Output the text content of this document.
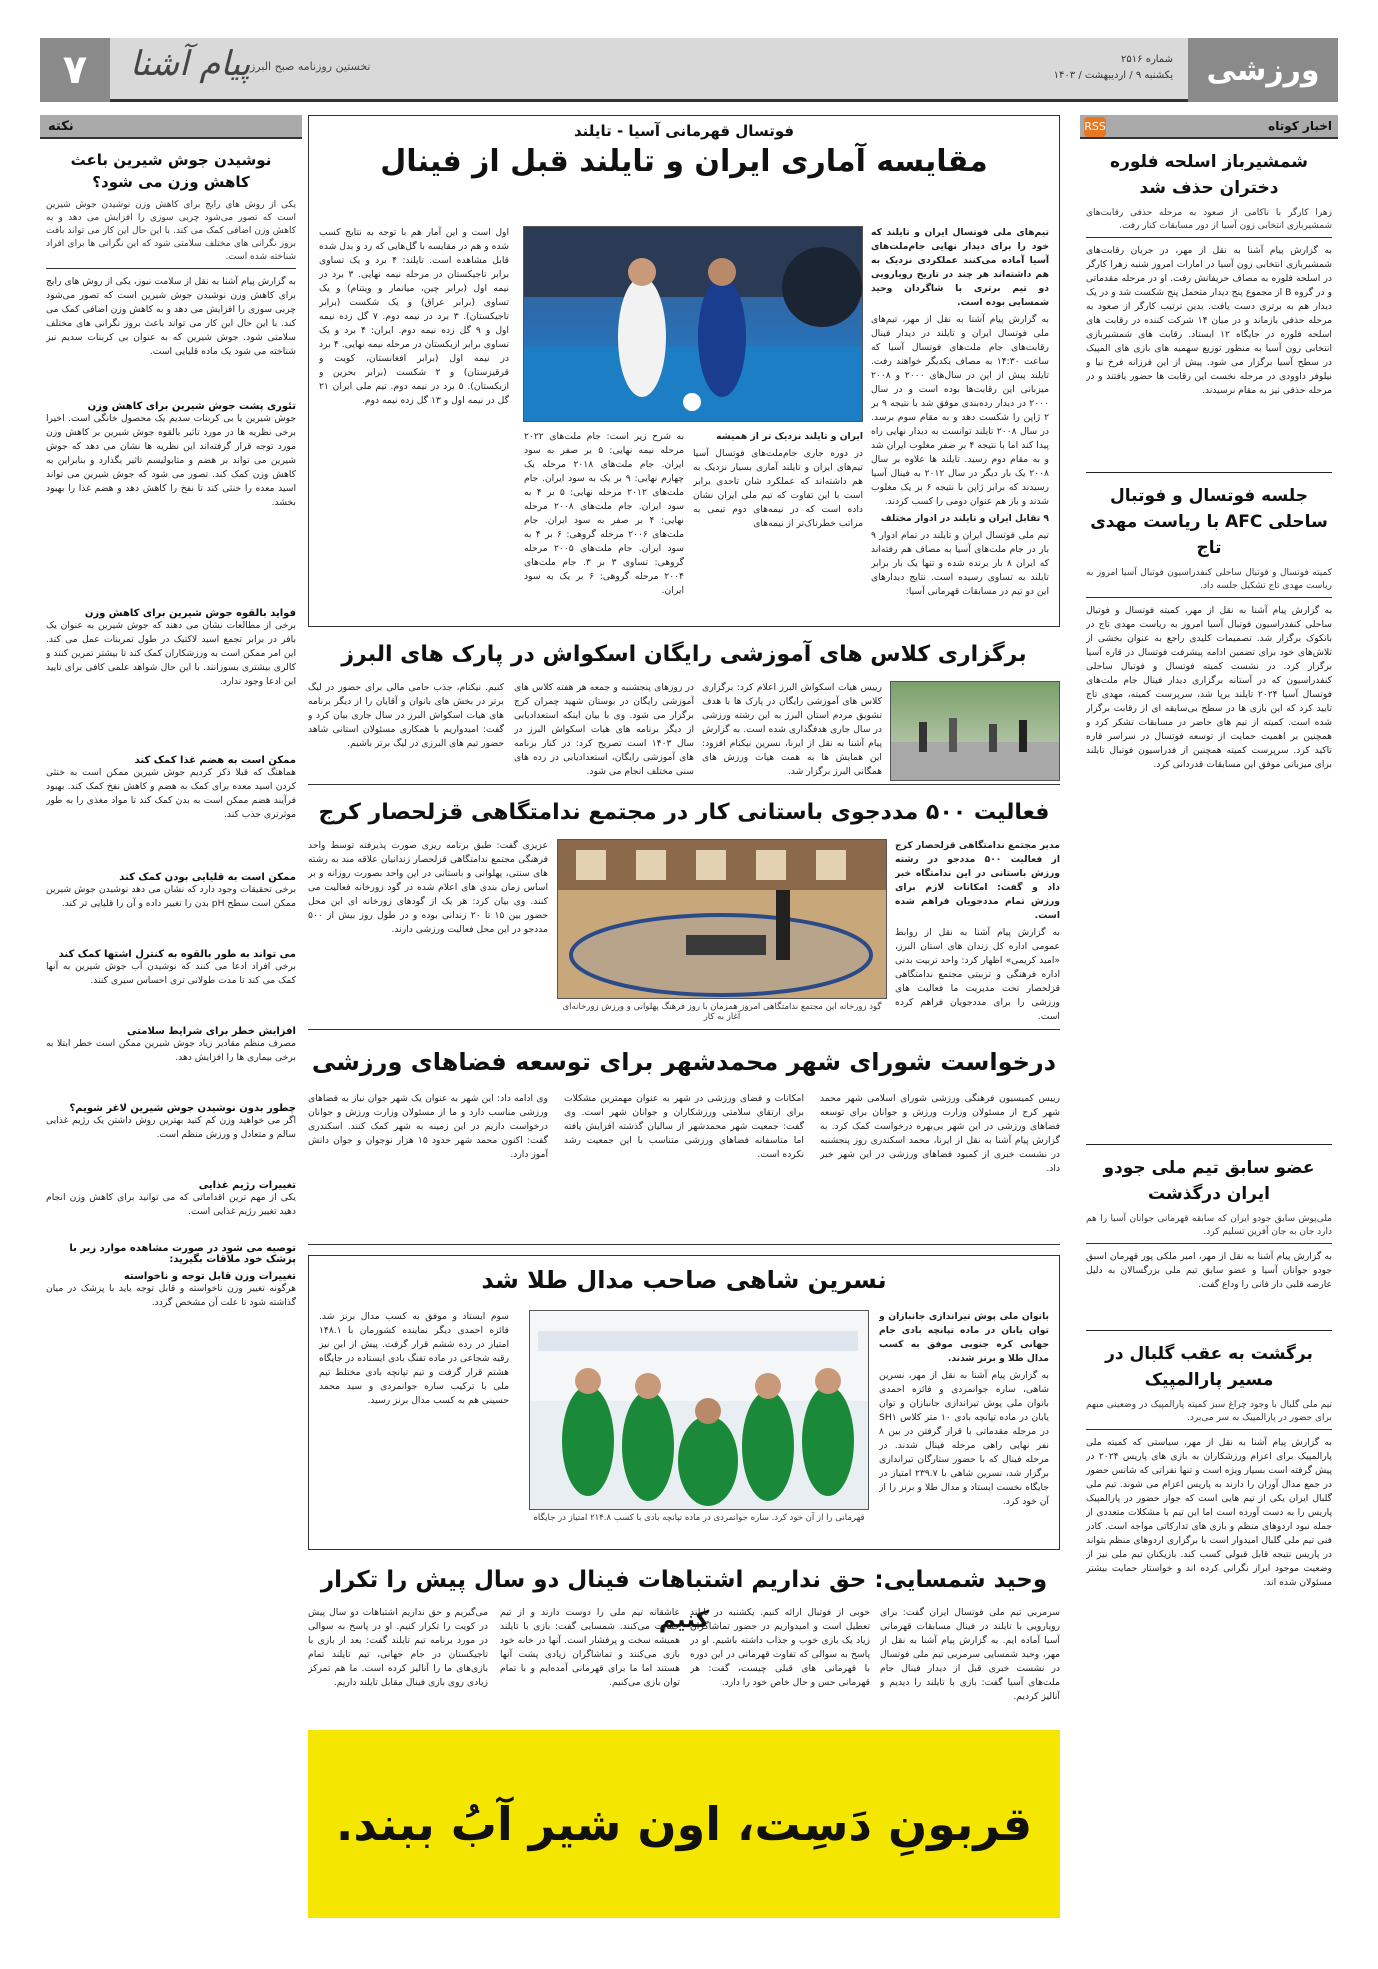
ورزشی
شماره ۲۵۱۶
یکشنبه ۹ / اردیبهشت / ۱۴۰۳
پیام آشنا نخستین روزنامه صبح البرز
۷
اخبار کوتاه
RSS
شمشیرباز اسلحه فلوره دختران حذف شد
زهرا کارگر با ناکامی از صعود به مرحله حذفی رقابت‌های شمشیربازی انتخابی زون آسیا از دور مسابقات کنار رفت.
به گزارش پیام آشنا به نقل از مهر، در جریان رقابت‌های شمشیربازی انتخابی زون آسیا در امارات امروز شنبه زهرا کارگر در اسلحه فلوره به مصاف حریفانش رفت. او در مرحله مقدماتی و در گروه B از مجموع پنج دیدار متحمل پنج شکست شد و در یک دیدار هم به برتری دست یافت. بدین ترتیب کارگر از صعود به مرحله حذفی بازماند و در میان ۱۴ شرکت کننده در رقابت های اسلحه فلوره در جایگاه ۱۲ ایستاد. رقابت های شمشیربازی انتخابی زون آسیا به منظور توزیع سهمیه های بازی های المپیک در سطح آسیا برگزار می شود. پیش از این فرزانه فرخ نیا و نیلوفر داوودی در مرحله نخست این رقابت ها حضور یافتند و در مرحله حذفی نیز به مقام نرسیدند.
جلسه فوتسال و فوتبال ساحلی AFC با ریاست مهدی تاج
کمیته فوتسال و فوتبال ساحلی کنفدراسیون فوتبال آسیا امروز به ریاست مهدی تاج تشکیل جلسه داد.
به گزارش پیام آشنا به نقل از مهر، کمیته فوتسال و فوتبال ساحلی کنفدراسیون فوتبال آسیا امروز به ریاست مهدی تاج در بانکوک برگزار شد. تصمیمات کلیدی راجع به عنوان بخشی از تلاش‌های خود برای تضمین ادامه پیشرفت فوتسال در قاره آسیا برگزار کرد. در نشست کمیته فوتسال و فوتبال ساحلی کنفدراسیون که در آستانه برگزاری دیدار فینال جام ملت‌های فوتسال آسیا ۲۰۲۴ تایلند برپا شد، سرپرست کمیته، مهدی تاج تایید کرد که این بازی ها در سطح بی‌سابقه ای از رقابت برگزار شده است. کمیته از تیم های حاضر در مسابقات تشکر کرد و همچنین بر اهمیت حمایت از توسعه فوتسال در سراسر قاره تاکید کرد. سرپرست کمیته همچنین از فدراسیون فوتبال تایلند برای میزبانی موفق این مسابقات قدردانی کرد.
عضو سابق تیم ملی جودو ایران درگذشت
ملی‌پوش سابق جودو ایران که سابقه قهرمانی جوانان آسیا را هم دارد جان به جان آفرین تسلیم کرد.
به گزارش پیام آشنا به نقل از مهر، امیر ملکی پور قهرمان اسبق جودو جوانان آسیا و عضو سابق تیم ملی بزرگسالان به دلیل عارضه قلبی دار فانی را وداع گفت.
برگشت به عقب گلبال در مسیر پارالمپیک
تیم ملی گلبال با وجود چراغ سبز کمیته پارالمپیک در وضعیتی مبهم برای حضور در پارالمپیک به سر می‌برد.
به گزارش پیام آشنا به نقل از مهر، سیاستی که کمیته ملی پارالمپیک برای اعزام ورزشکاران به بازی های پاریس ۲۰۲۴ در پیش گرفته است بسیار ویژه است و تنها نفراتی که شانس حضور در جمع مدال آوران را دارند به پاریس اعزام می شوند. تیم ملی گلبال ایران یکی از تیم هایی است که جواز حضور در پارالمپیک پاریس را به دست آورده است اما این تیم با مشکلات متعددی از جمله نبود اردوهای منظم و بازی های تدارکاتی مواجه است. کادر فنی تیم ملی گلبال امیدوار است با برگزاری اردوهای منظم بتواند در پاریس نتیجه قابل قبولی کسب کند. بازیکنان تیم ملی نیز از وضعیت موجود ابراز نگرانی کرده اند و خواستار حمایت بیشتر مسئولان شده اند.
نکته
نوشیدن جوش شیرین باعث کاهش وزن می شود؟
یکی از روش های رایج برای کاهش وزن نوشیدن جوش شیرین است که تصور می‌شود چربی سوزی را افزایش می دهد و به کاهش وزن اضافی کمک می کند. با این حال این کار می تواند بافت بروز نگرانی های مختلف سلامتی شود که این نگرانی ها برای افراد شناخته شده است.
به گزارش پیام آشنا به نقل از سلامت نیوز، یکی از روش های رایج برای کاهش وزن نوشیدن جوش شیرین است که تصور می‌شود چربی سوزی را افزایش می دهد و به کاهش وزن اضافی کمک می کند. با این حال این کار می تواند باعث بروز نگرانی های مختلف سلامتی شود. جوش شیرین که به عنوان بی کربنات سدیم نیز شناخته می شود یک ماده قلیایی است.
تئوری پشت جوش شیرین برای کاهش وزن
جوش شیرین یا بی کربنات سدیم یک محصول خانگی است. اخیرا برخی نظریه ها در مورد تاثیر بالقوه جوش شیرین بر کاهش وزن مورد توجه قرار گرفته‌اند این نظریه ها نشان می دهد که جوش شیرین می تواند بر هضم و متابولیسم تاثیر بگذارد و بنابراین به کاهش وزن کمک کند. تصور می شود که جوش شیرین می تواند اسید معده را خنثی کند تا نفخ را کاهش دهد و هضم غذا را بهبود بخشد.
فواید بالقوه جوش شیرین برای کاهش وزن
برخی از مطالعات نشان می دهند که جوش شیرین به عنوان یک بافر در برابر تجمع اسید لاکتیک در طول تمرینات عمل می کند. این امر ممکن است به ورزشکاران کمک کند تا بیشتر تمرین کنند و کالری بیشتری بسوزانند. با این حال شواهد علمی کافی برای تایید این ادعا وجود ندارد.
ممکن است به هضم غذا کمک کند
هماهنگ که قبلا ذکر کردیم جوش شیرین ممکن است به خنثی کردن اسید معده برای کمک به هضم و کاهش نفخ کمک کند. بهبود فرآیند هضم ممکن است به بدن کمک کند تا مواد مغذی را به طور موثرتری جذب کند.
ممکن است به قلیایی بودن کمک کند
برخی تحقیقات وجود دارد که نشان می دهد نوشیدن جوش شیرین ممکن است سطح pH بدن را تغییر داده و آن را قلیایی تر کند.
می تواند به طور بالقوه به کنترل اشتها کمک کند
برخی افراد ادعا می کنند که نوشیدن آب جوش شیرین به آنها کمک می کند تا مدت طولانی تری احساس سیری کنند.
افزایش خطر برای شرایط سلامتی
مصرف منظم مقادیر زیاد جوش شیرین ممکن است خطر ابتلا به برخی بیماری ها را افزایش دهد.
چطور بدون نوشیدن جوش شیرین لاغر شویم؟
اگر می خواهید وزن کم کنید بهترین روش داشتن یک رژیم غذایی سالم و متعادل و ورزش منظم است.
تغییرات رژیم غذایی
یکی از مهم ترین اقداماتی که می توانید برای کاهش وزن انجام دهید تغییر رژیم غذایی است.
توصیه می شود در صورت مشاهده موارد زیر با پزشک خود ملاقات بگیرید:
تغییرات وزن قابل توجه و ناخواسته
هرگونه تغییر وزن ناخواسته و قابل توجه باید با پزشک در میان گذاشته شود تا علت آن مشخص گردد.
فوتسال قهرمانی آسیا - تایلند
مقایسه آماری ایران و تایلند قبل از فینال

تیم‌های ملی فوتسال ایران و تایلند که خود را برای دیدار نهایی جام‌ملت‌های آسیا آماده می‌کنند عملکردی نزدیک به هم داشته‌اند هر چند در تاریخ رویارویی دو تیم برتری با شاگردان وحید شمسایی بوده است.

به گزارش پیام آشنا به نقل از مهر، تیم‌های ملی فوتسال ایران و تایلند در دیدار فینال رقابت‌های جام ملت‌های فوتسال آسیا که ساعت ۱۴:۳۰ به مصاف یکدیگر خواهند رفت. تایلند پیش از این در سال‌های ۲۰۰۰ و ۲۰۰۸ میزبانی این رقابت‌ها بوده است و در سال ۲۰۰۰ در دیدار رده‌بندی موفق شد با نتیجه ۹ بر ۲ ژاپن را شکست دهد و به مقام سوم برسد. در سال ۲۰۰۸ تایلند توانست به دیدار نهایی راه پیدا کند اما با نتیجه ۴ بر صفر مغلوب ایران شد و به مقام دوم رسید. تایلند ها علاوه بر سال ۲۰۰۸ یک بار دیگر در سال ۲۰۱۲ به فینال آسیا رسیدند که برابر ژاپن با نتیجه ۶ بر یک مغلوب شدند و باز هم عنوان دومی را کسب کردند.

۹ تقابل ایران و تایلند در ادوار مختلف

تیم ملی فوتسال ایران و تایلند در تمام ادوار ۹ بار در جام ملت‌های آسیا به مصاف هم رفته‌اند که ایران ۸ بار برنده شده و تنها یک بار برابر تایلند به تساوی رسیده است. نتایج دیدارهای این دو تیم در مسابقات قهرمانی آسیا:

به شرح زیر است: جام ملت‌های ۲۰۲۲ مرحله نیمه نهایی: ۵ بر صفر به سود ایران. جام ملت‌های ۲۰۱۸ مرحله یک چهارم نهایی: ۹ بر یک به سود ایران. جام ملت‌های ۲۰۱۲ مرحله نهایی: ۵ بر ۴ به سود ایران. جام ملت‌های ۲۰۰۸ مرحله نهایی: ۴ بر صفر به سود ایران. جام ملت‌های ۲۰۰۶ مرحله گروهی: ۶ بر ۴ به سود ایران. جام ملت‌های ۲۰۰۵ مرحله گروهی: تساوی ۳ بر ۳. جام ملت‌های ۲۰۰۴ مرحله گروهی: ۶ بر یک به سود ایران.

ایران و تایلند نزدیک تر از همیشه

در دوره جاری جام‌ملت‌های فوتسال آسیا تیم‌های ایران و تایلند آماری بسیار نزدیک به هم داشته‌اند که عملکرد شان تاحدی برابر است با این تفاوت که تیم ملی ایران نشان داده است که در نیمه‌های دوم تیمی به مراتب خطرناک‌تر از نیمه‌های

اول است و این آمار هم با توجه به نتایج کسب شده و هم در مقایسه با گل‌هایی که رد و بدل شده قابل مشاهده است. تایلند: ۴ برد و یک تساوی برابر تاجیکستان در مرحله نیمه نهایی. ۳ برد در نیمه اول (برابر چین، میانمار و ویتنام) و یک تساوی (برابر عراق) و یک شکست (برابر تاجیکستان). ۳ برد در نیمه دوم. ۷ گل زده نیمه اول و ۹ گل زده نیمه دوم. ایران: ۴ برد و یک تساوی برابر ازبکستان در مرحله نیمه نهایی. ۴ برد در نیمه اول (برابر افغانستان، کویت و قرقیزستان) و ۲ شکست (برابر بحرین و ازبکستان). ۵ برد در نیمه دوم. تیم ملی ایران ۲۱ گل در نیمه اول و ۱۳ گل زده نیمه دوم.

برگزاری کلاس های آموزشی رایگان اسکواش در پارک های البرز
رییس هیات اسکواش البرز اعلام کرد: برگزاری کلاس های آموزشی رایگان در پارک ها با هدف تشویق مردم استان البرز به این رشته ورزشی در سال جاری هدفگذاری شده است. به گزارش پیام آشنا به نقل از ایرنا، نسرین نیکنام افزود: این همایش ها به همت هیات ورزش های همگانی البرز برگزار شد.
در روزهای پنجشنبه و جمعه هر هفته کلاس های آموزشی رایگان در بوستان شهید چمران کرج برگزار می شود. وی با بیان اینکه استعدادیابی از دیگر برنامه های هیات اسکواش البرز در سال ۱۴۰۳ است تصریح کرد: در کنار برنامه های آموزشی رایگان، استعدادیابی در رده های سنی مختلف انجام می شود.
کنیم. نیکنام، جذب حامی مالی برای حضور در لیگ برتر در بخش های بانوان و آقایان را از دیگر برنامه های هیات اسکواش البرز در سال جاری بیان کرد و گفت: امیدواریم با همکاری مسئولان استانی شاهد حضور تیم های البرزی در لیگ برتر باشیم.
فعالیت ۵۰۰ مددجوی باستانی کار در مجتمع ندامتگاهی قزلحصار کرج

مدیر مجتمع ندامتگاهی قزلحصار کرج از فعالیت ۵۰۰ مددجو در رشته ورزش باستانی در این ندامتگاه خبر داد و گفت: امکانات لازم برای ورزش تمام مددجویان فراهم شده است.

به گزارش پیام آشنا به نقل از روابط عمومی اداره کل زندان های استان البرز، «امید کریمی» اظهار کرد: واحد تربیت بدنی اداره فرهنگی و تربیتی مجتمع ندامتگاهی قزلحصار تحت مدیریت ما فعالیت های ورزشی را برای مددجویان فراهم کرده است.

گود زورخانه این مجتمع ندامتگاهی امروز همزمان با روز فرهنگ پهلوانی و ورزش زورخانه‌ای آغاز به کار
عزیزی گفت: طبق برنامه ریزی صورت پذیرفته توسط واحد فرهنگی مجتمع ندامتگاهی قزلحصار زندانیان علاقه مند به رشته های سنتی، پهلوانی و باستانی در این واحد بصورت روزانه و بر اساس زمان بندی های اعلام شده در گود زورخانه فعالیت می کنند. وی بیان کرد: هر یک از گودهای زورخانه ای این محل حضور بین ۱۵ تا ۲۰ زندانی بوده و در طول روز بیش از ۵۰۰ مددجو در این محل فعالیت ورزشی دارند.
درخواست شورای شهر محمدشهر برای توسعه فضاهای ورزشی
رییس کمیسیون فرهنگی ورزشی شورای اسلامی شهر محمد شهر کرج از مسئولان وزارت ورزش و جوانان برای توسعه فضاهای ورزشی در این شهر بی‌بهره درخواست کمک کرد. به گزارش پیام آشنا به نقل از ایرنا، محمد اسکندری روز پنجشنبه در نشست خبری از کمبود فضاهای ورزشی در این شهر خبر داد.
امکانات و فضای ورزشی در شهر به عنوان مهمترین مشکلات برای ارتقای سلامتی ورزشکاران و جوانان شهر است. وی گفت: جمعیت شهر محمدشهر از سالیان گذشته افزایش یافته اما متاسفانه فضاهای ورزشی متناسب با این جمعیت رشد نکرده است.
وی ادامه داد: این شهر به عنوان یک شهر جوان نیاز به فضاهای ورزشی مناسب دارد و ما از مسئولان وزارت ورزش و جوانان درخواست داریم در این زمینه به شهر کمک کنند. اسکندری گفت: اکنون محمد شهر حدود ۱۵ هزار نوجوان و جوان دانش آموز دارد.
نسرین شاهی صاحب مدال طلا شد

بانوان ملی پوش تیراندازی جانبازان و توان یابان در ماده تپانچه بادی جام جهانی کره جنوبی موفق به کسب مدال طلا و برنز شدند.

به گزارش پیام آشنا به نقل از مهر، نسرین شاهی، ساره جوانمردی و فائزه احمدی بانوان ملی پوش تیراندازی جانبازان و توان یابان در ماده تپانچه بادی ۱۰ متر کلاس SH۱ در مرحله مقدماتی با قرار گرفتن در بین ۸ نفر نهایی راهی مرحله فینال شدند. در مرحله فینال که با حضور ستارگان تیراندازی برگزار شد، نسرین شاهی با ۲۳۹.۷ امتیاز در جایگاه نخست ایستاد و مدال طلا و برنز را از آن خود کرد.

قهرمانی را از آن خود کرد. ساره جوانمردی در ماده تپانچه بادی با کسب ۲۱۴.۸ امتیاز در جایگاه
سوم ایستاد و موفق به کسب مدال برنز شد. فائزه احمدی دیگر نماینده کشورمان با ۱۴۸.۱ امتیاز در رده ششم قرار گرفت. پیش از این نیز رقیه شجاعی در ماده تفنگ بادی ایستاده در جایگاه هشتم قرار گرفت و تیم تپانچه بادی مختلط تیم ملی با ترکیب ساره جوانمردی و سید محمد حسینی هم به کسب مدال برنز رسید.
وحید شمسایی: حق نداریم اشتباهات فینال دو سال پیش را تکرار کنیم	سرمربی تیم ملی فوتسال ایران گفت: برای رویارویی با تایلند در فینال مسابقات قهرمانی آسیا آماده ایم. به گزارش پیام آشنا به نقل از مهر، وحید شمسایی سرمربی تیم ملی فوتسال در نشست خبری قبل از دیدار فینال جام ملت‌های آسیا گفت: بازی با تایلند را دیدیم و آنالیز کردیم.
خوبی از فوتبال ارائه کنیم. یکشنبه در تایلند تعطیل است و امیدواریم در حضور تماشاگران زیاد یک بازی خوب و جذاب داشته باشیم. او در پاسخ به سوالی که تفاوت قهرمانی در این دوره با قهرمانی های قبلی چیست، گفت: هر قهرمانی حس و حال خاص خود را دارد.
عاشقانه تیم ملی را دوست دارند و از تیم حمایت می‌کنند. شمسایی گفت: بازی با تایلند همیشه سخت و پرفشار است. آنها در خانه خود بازی می‌کنند و تماشاگران زیادی پشت آنها هستند اما ما برای قهرمانی آمده‌ایم و با تمام توان بازی می‌کنیم.
می‌گیریم و حق نداریم اشتباهات دو سال پیش در کویت را تکرار کنیم. او در پاسخ به سوالی در مورد برنامه تیم تایلند گفت: بعد از بازی با تاجیکستان در جام جهانی، تیم تایلند تمام بازی‌های ما را آنالیز کرده است. ما هم تمرکز زیادی روی بازی فینال مقابل تایلند داریم.
قربونِ دَسِت، اون شیر آبُ ببند.
